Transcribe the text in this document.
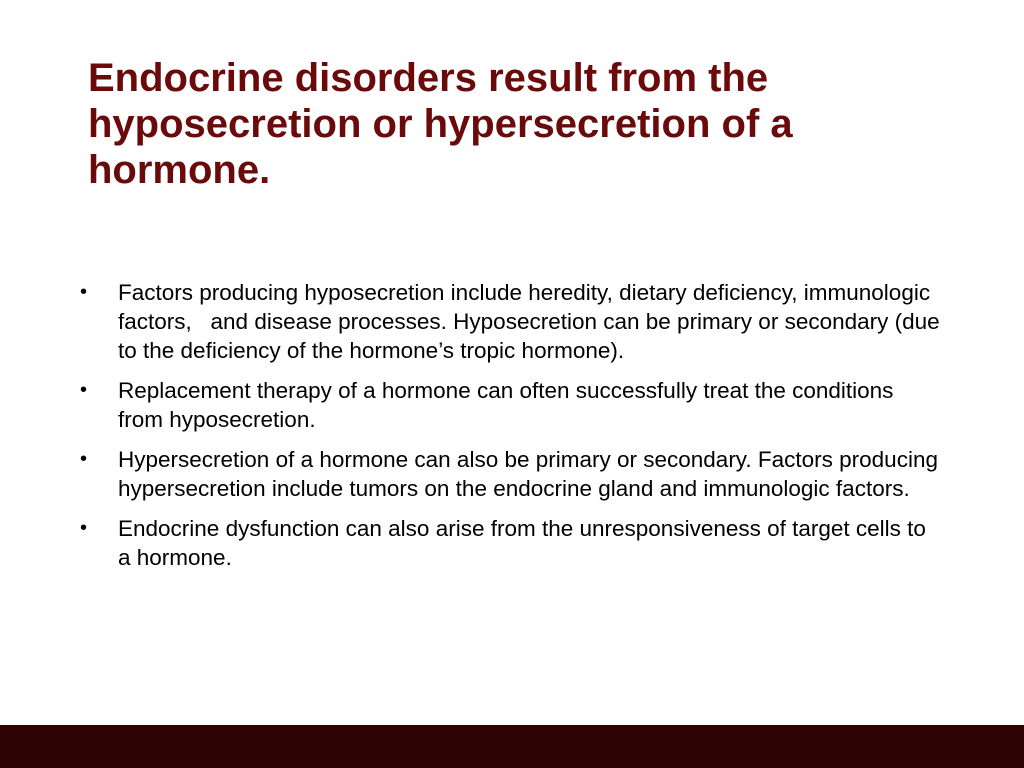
Endocrine disorders result from the hyposecretion or hypersecretion of a hormone.
• Factors producing hyposecretion include heredity, dietary deficiency, immunologic factors,   and disease processes. Hyposecretion can be primary or secondary (due to the deficiency of the hormone’s tropic hormone).
• Replacement therapy of a hormone can often successfully treat the conditions from hyposecretion.
• Hypersecretion of a hormone can also be primary or secondary. Factors producing hypersecretion include tumors on the endocrine gland and immunologic factors.
• Endocrine dysfunction can also arise from the unresponsiveness of target cells to a hormone.
